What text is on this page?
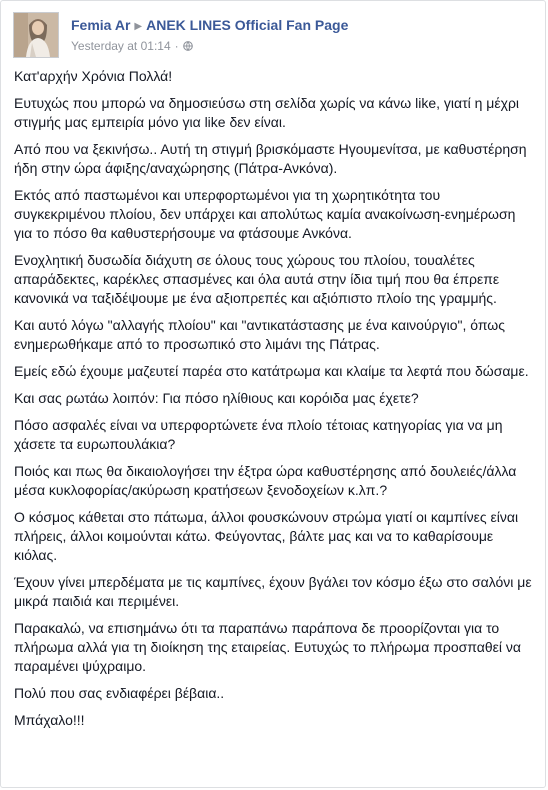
Femia Ar ▶ ANEK LINES Official Fan Page
Yesterday at 01:14 ·

Κατ'αρχήν Χρόνια Πολλά!

Ευτυχώς που μπορώ να δημοσιεύσω στη σελίδα χωρίς να κάνω like, γιατί η μέχρι στιγμής μας εμπειρία μόνο για like δεν είναι.

Από που να ξεκινήσω.. Αυτή τη στιγμή βρισκόμαστε Ηγουμενίτσα, με καθυστέρηση ήδη στην ώρα άφιξης/αναχώρησης (Πάτρα-Ανκόνα).

Εκτός από παστωμένοι και υπερφορτωμένοι για τη χωρητικότητα του συγκεκριμένου πλοίου, δεν υπάρχει και απολύτως καμία ανακοίνωση-ενημέρωση για το πόσο θα καθυστερήσουμε να φτάσουμε Ανκόνα.

Ενοχλητική δυσωδία διάχυτη σε όλους τους χώρους του πλοίου, τουαλέτες απαράδεκτες, καρέκλες σπασμένες και όλα αυτά στην ίδια τιμή που θα έπρεπε κανονικά να ταξιδέψουμε με ένα αξιοπρεπές και αξιόπιστο πλοίο της γραμμής.

Και αυτό λόγω "αλλαγής πλοίου" και "αντικατάστασης με ένα καινούργιο", όπως ενημερωθήκαμε από το προσωπικό στο λιμάνι της Πάτρας.

Εμείς εδώ έχουμε μαζευτεί παρέα στο κατάτρωμα και κλαίμε τα λεφτά που δώσαμε.

Και σας ρωτάω λοιπόν: Για πόσο ηλίθιους και κορόιδα μας έχετε?

Πόσο ασφαλές είναι να υπερφορτώνετε ένα πλοίο τέτοιας κατηγορίας για να μη χάσετε τα ευρωπουλάκια?

Ποιός και πως θα δικαιολογήσει την έξτρα ώρα καθυστέρησης από δουλειές/άλλα μέσα κυκλοφορίας/ακύρωση κρατήσεων ξενοδοχείων κ.λπ.?

Ο κόσμος κάθεται στο πάτωμα, άλλοι φουσκώνουν στρώμα γιατί οι καμπίνες είναι πλήρεις, άλλοι κοιμούνται κάτω. Φεύγοντας, βάλτε μας και να το καθαρίσουμε κιόλας.

Έχουν γίνει μπερδέματα με τις καμπίνες, έχουν βγάλει τον κόσμο έξω στο σαλόνι με μικρά παιδιά και περιμένει.

Παρακαλώ, να επισημάνω ότι τα παραπάνω παράπονα δε προορίζονται για το πλήρωμα αλλά για τη διοίκηση της εταιρείας. Ευτυχώς το πλήρωμα προσπαθεί να παραμένει ψύχραιμο.

Πολύ που σας ενδιαφέρει βέβαια..

Μπάχαλο!!!
